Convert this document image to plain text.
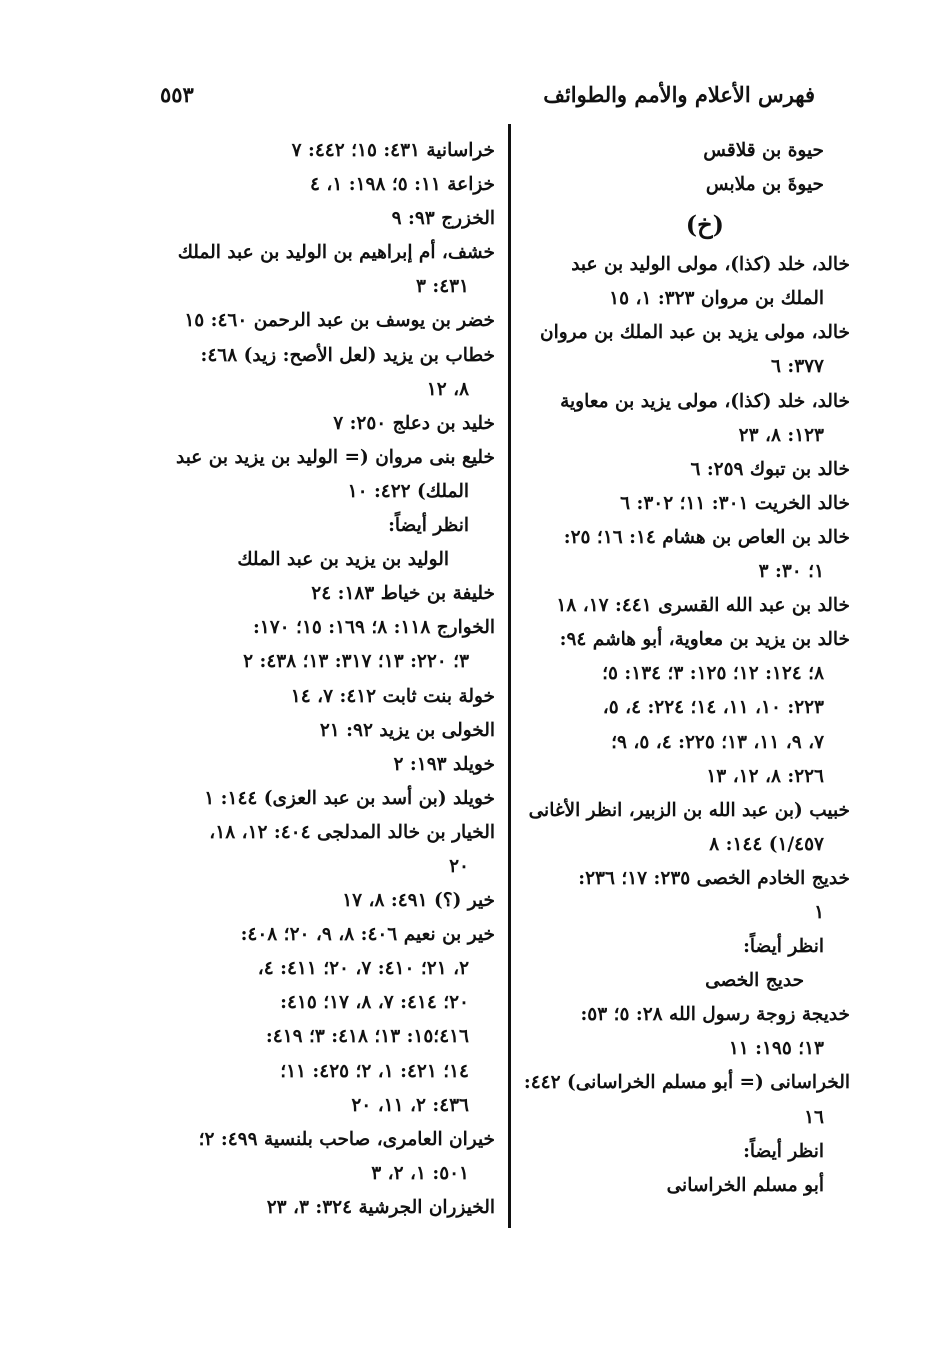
فهرس الأعلام والأمم والطوائف
٥٥٣
حيوة بن قلاقس
حيوةَ بن ملابس
(خ)
خالد، خلد (كذا)، مولى الوليد بن عبد
الملك بن مروان ٣٢٣: ١، ١٥
خالد، مولى يزيد بن عبد الملك بن مروان
٣٧٧: ٦
خالد، خلد (كذا)، مولى يزيد بن معاوية
١٢٣: ٨، ٢٣
خالد بن تبوك ٢٥٩: ٦
خالد الخريت ٣٠١: ١١؛ ٣٠٢: ٦
خالد بن العاص بن هشام ١٤: ١٦؛ ٢٥:
١؛ ٣٠: ٣
خالد بن عبد الله القسرى ٤٤١: ١٧، ١٨
خالد بن يزيد بن معاوية، أبو هاشم ٩٤:
٨؛ ١٢٤: ١٢؛ ١٢٥: ٣؛ ١٣٤: ٥؛
٢٢٣: ١٠، ١١، ١٤؛ ٢٢٤: ٤، ٥،
٧، ٩، ١١، ١٣؛ ٢٢٥: ٤، ٥، ٩؛
٢٢٦: ٨، ١٢، ١٣
خبيب (بن عبد الله بن الزبير، انظر الأغانى
١/٤٥٧) ١٤٤: ٨
خديج الخادم الخصى ٢٣٥: ١٧؛ ٢٣٦:
١
انظر أيضاً:
حديج الخصى
خديجة زوجة رسول الله ٢٨: ٥؛ ٥٣:
١٣؛ ١٩٥: ١١
الخراسانى (= أبو مسلم الخراسانى) ٤٤٢:
١٦
انظر أيضاً:
أبو مسلم الخراسانى
خراسانية ٤٣١: ١٥؛ ٤٤٢: ٧
خزاعة ١١: ٥؛ ١٩٨: ١، ٤
الخزرج ٩٣: ٩
خشف، أم إبراهيم بن الوليد بن عبد الملك
٤٣١: ٣
خضر بن يوسف بن عبد الرحمن ٤٦٠: ١٥
خطاب بن يزيد (لعل الأصح: زيد) ٤٦٨:
٨، ١٢
خليد بن دعلج ٢٥٠: ٧
خليع بنى مروان (= الوليد بن يزيد بن عبد
الملك) ٤٢٢: ١٠
انظر أيضاً:
الوليد بن يزيد بن عبد الملك
خليفة بن خياط ١٨٣: ٢٤
الخوارج ١١٨: ٨؛ ١٦٩: ١٥؛ ١٧٠:
٣؛ ٢٢٠: ١٣؛ ٣١٧: ١٣؛ ٤٣٨: ٢
خولة بنت ثابت ٤١٢: ٧، ١٤
الخولى بن يزيد ٩٢: ٢١
خويلد ١٩٣: ٢
خويلد (بن أسد بن عبد العزى) ١٤٤: ١
الخيار بن خالد المدلجى ٤٠٤: ١٢، ١٨،
٢٠
خير (؟) ٤٩١: ٨، ١٧
خير بن نعيم ٤٠٦: ٨، ٩، ٢٠؛ ٤٠٨:
٢، ٢١؛ ٤١٠: ٧، ٢٠؛ ٤١١: ٤،
٢٠؛ ٤١٤: ٧، ٨، ١٧؛ ٤١٥:
٤١٦؛١٥: ١٣؛ ٤١٨: ٣؛ ٤١٩:
١٤؛ ٤٢١: ١، ٢؛ ٤٢٥: ١١؛
٤٣٦: ٢، ١١، ٢٠
خيران العامرى، صاحب بلنسية ٤٩٩: ٢؛
٥٠١: ١، ٢، ٣
الخيزران الجرشية ٣٢٤: ٣، ٢٣
